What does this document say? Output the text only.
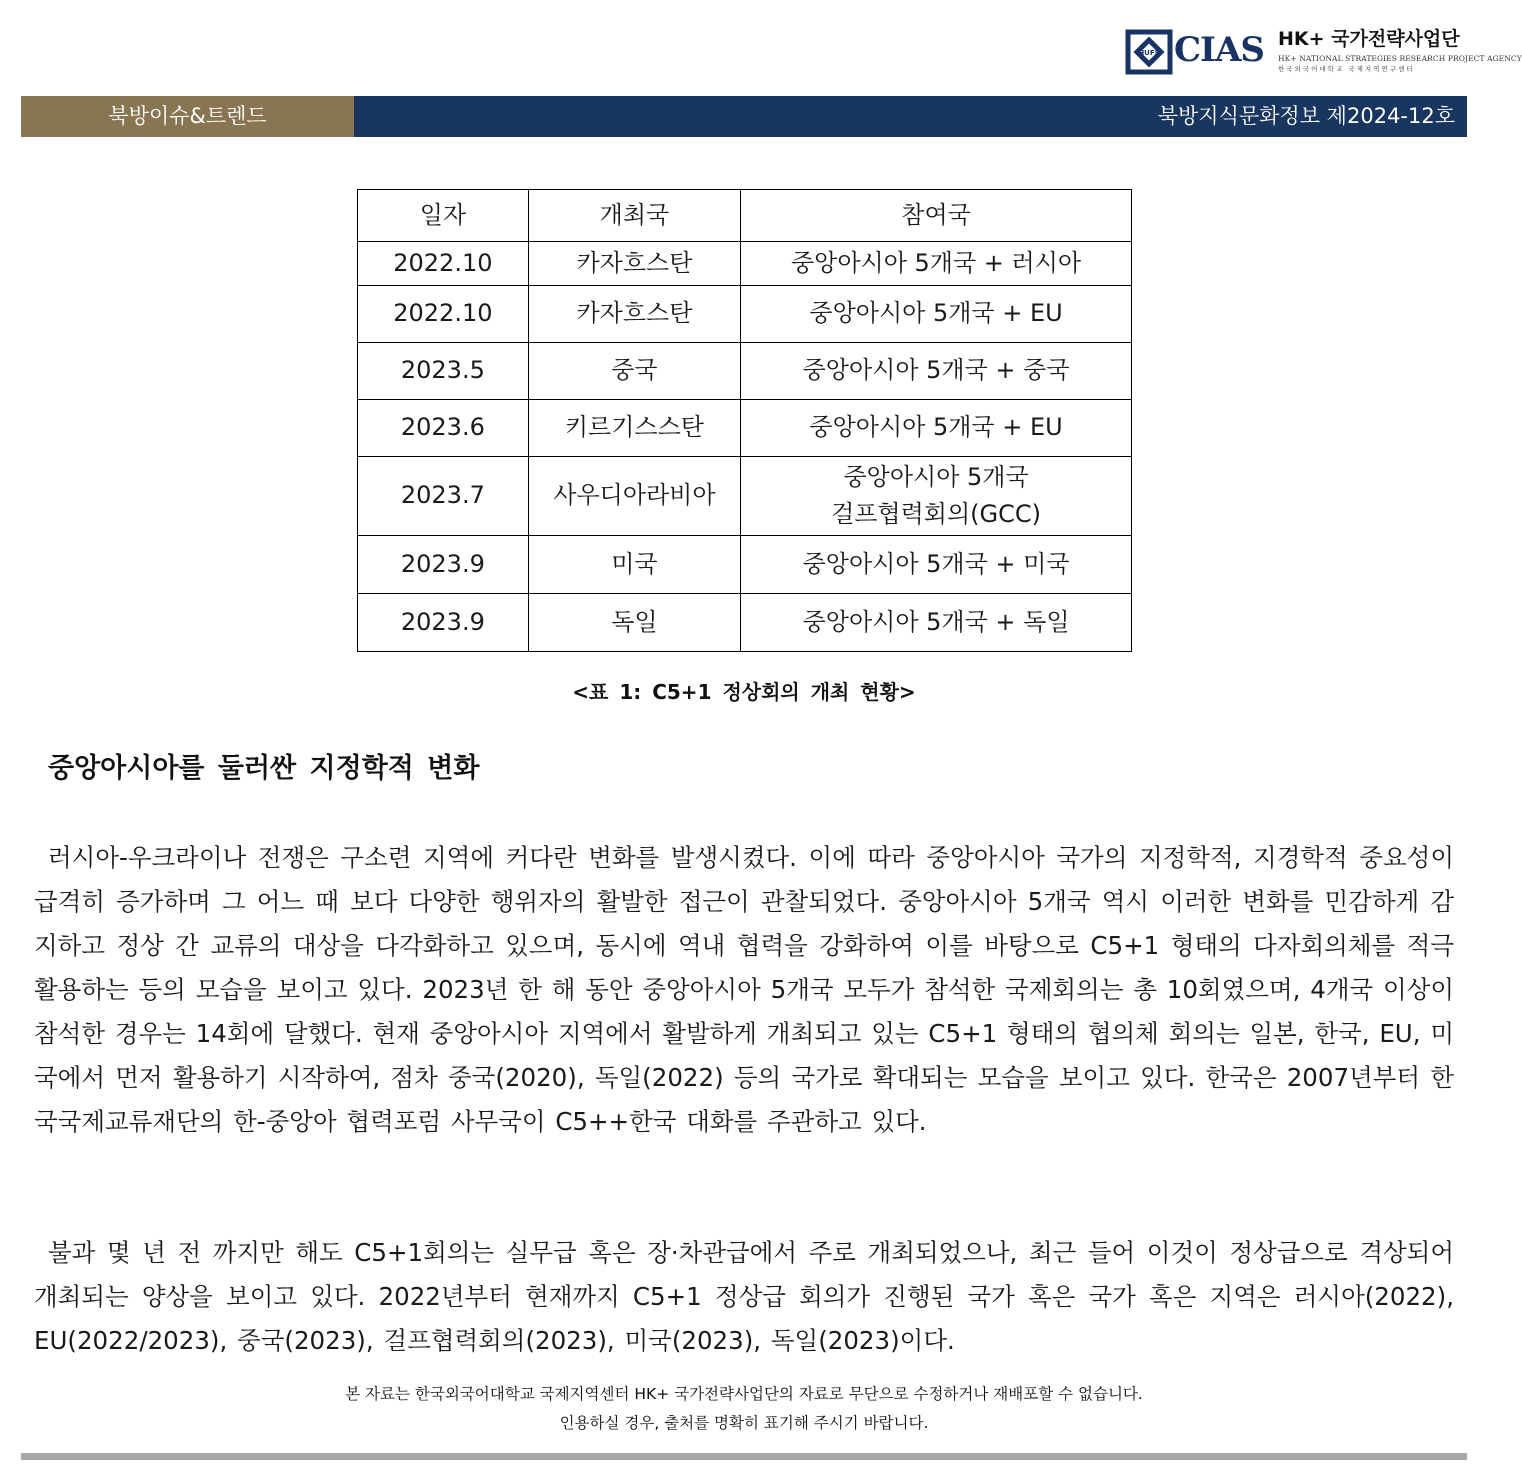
HUFS CIAS HK+ 국가전략사업단
HK+ NATIONAL STRATEGIES RESEARCH PROJECT AGENCY
한국외국어대학교 국제지역연구센터
북방이슈&트렌드	북방지식문화정보 제2024-12호
일자	개최국	참여국
2022.10	카자흐스탄	중앙아시아 5개국 + 러시아
2022.10	카자흐스탄	중앙아시아 5개국 + EU
2023.5	중국	중앙아시아 5개국 + 중국
2023.6	키르기스스탄	중앙아시아 5개국 + EU
2023.7	사우디아라비아	중앙아시아 5개국
걸프협력회의(GCC)

2023.9	미국	중앙아시아 5개국 + 미국
2023.9	독일	중앙아시아 5개국 + 독일
<표 1: C5+1 정상회의 개최 현황>
중앙아시아를 둘러싼 지정학적 변화

러시아-우크라이나 전쟁은 구소련 지역에 커다란 변화를 발생시켰다. 이에 따라 중앙아시아 국가의 지정학적, 지경학적 중요성이 급격히 증가하며 그 어느 때 보다 다양한 행위자의 활발한 접근이 관찰되었다. 중앙아시아 5개국 역시 이러한 변화를 민감하게 감지하고 정상 간 교류의 대상을 다각화하고 있으며, 동시에 역내 협력을 강화하여 이를 바탕으로 C5+1 형태의 다자회의체를 적극 활용하는 등의 모습을 보이고 있다. 2023년 한 해 동안 중앙아시아 5개국 모두가 참석한 국제회의는 총 10회였으며, 4개국 이상이 참석한 경우는 14회에 달했다. 현재 중앙아시아 지역에서 활발하게 개최되고 있는 C5+1 형태의 협의체 회의는 일본, 한국, EU, 미국에서 먼저 활용하기 시작하여, 점차 중국(2020), 독일(2022) 등의 국가로 확대되는 모습을 보이고 있다. 한국은 2007년부터 한국국제교류재단의 한-중앙아 협력포럼 사무국이 C5++한국 대화를 주관하고 있다.

불과 몇 년 전 까지만 해도 C5+1회의는 실무급 혹은 장·차관급에서 주로 개최되었으나, 최근 들어 이것이 정상급으로 격상되어 개최되는 양상을 보이고 있다. 2022년부터 현재까지 C5+1 정상급 회의가 진행된 국가 혹은 국가 혹은 지역은 러시아(2022), EU(2022/2023), 중국(2023), 걸프협력회의(2023), 미국(2023), 독일(2023)이다.

본 자료는 한국외국어대학교 국제지역센터 HK+ 국가전략사업단의 자료로 무단으로 수정하거나 재배포할 수 없습니다.
인용하실 경우, 출처를 명확히 표기해 주시기 바랍니다.
